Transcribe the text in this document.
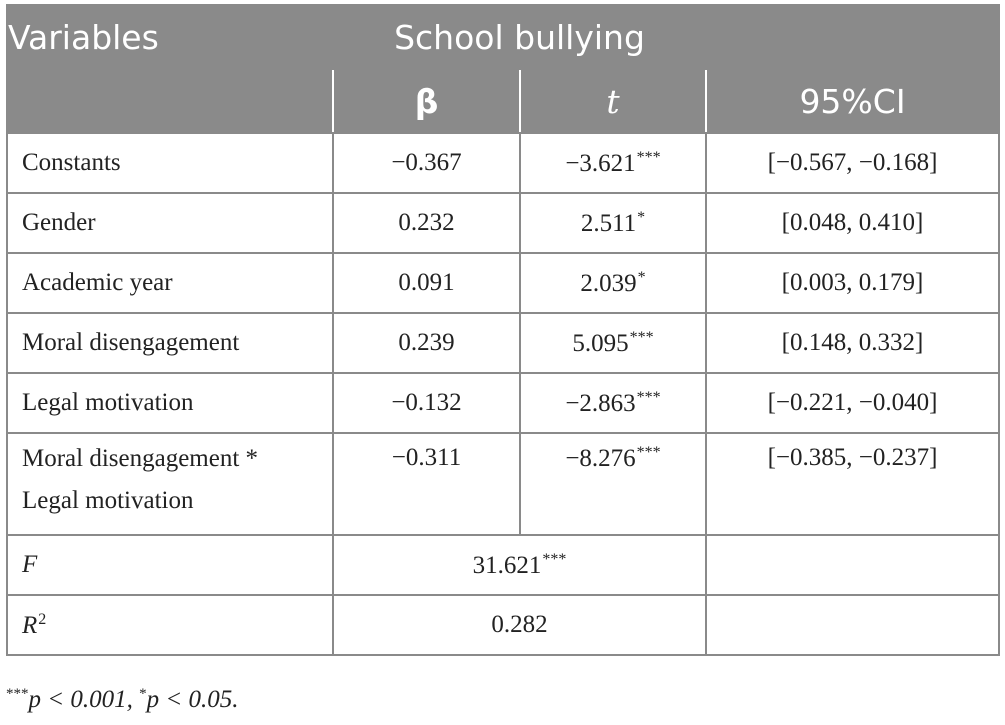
Variables	School bullying		
	β	t	95%CI
Constants	−0.367	−3.621***	[−0.567, −0.168]
Gender	0.232	2.511*	[0.048, 0.410]
Academic year	0.091	2.039*	[0.003, 0.179]
Moral disengagement	0.239	5.095***	[0.148, 0.332]
Legal motivation	−0.132	−2.863***	[−0.221, −0.040]
Moral disengagement *
Legal motivation	−0.311	−8.276***	[−0.385, −0.237]
F	31.621***	
$R^2$	0.282		
***p < 0.001, *p < 0.05.
